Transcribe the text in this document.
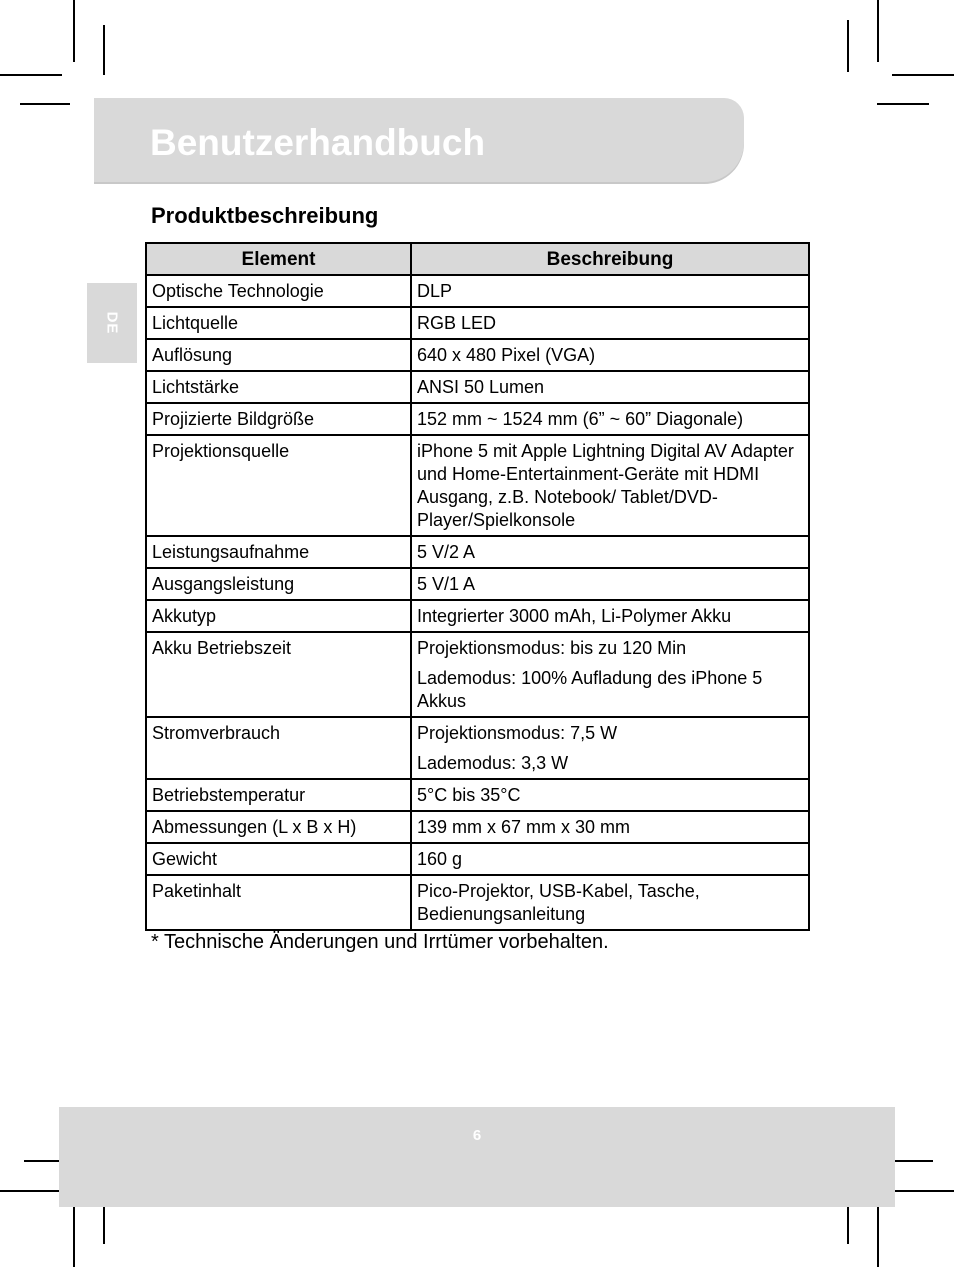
Benutzerhandbuch
DE
Produktbeschreibung
Element	Beschreibung
Optische Technologie	DLP
Lichtquelle	RGB LED
Auflösung	640 x 480 Pixel (VGA)
Lichtstärke	ANSI 50 Lumen
Projizierte Bildgröße	152 mm ~ 1524 mm (6” ~ 60” Diagonale)
Projektionsquelle	iPhone 5 mit Apple Lightning Digital AV Adapter und Home-Entertainment-Geräte mit HDMI Ausgang, z.B. Notebook/ Tablet/DVD-Player/Spielkonsole
Leistungsaufnahme	5 V/2 A
Ausgangsleistung	5 V/1 A
Akkutyp	Integrierter 3000 mAh, Li-Polymer Akku
Akku Betriebszeit	Projektionsmodus: bis zu 120 Min
Lademodus: 100% Aufladung des iPhone 5 Akkus

Stromverbrauch	Projektionsmodus: 7,5 W
Lademodus: 3,3 W

Betriebstemperatur	5°C bis 35°C
Abmessungen (L x B x H)	139 mm x 67 mm x 30 mm
Gewicht	160 g
Paketinhalt	Pico-Projektor, USB-Kabel, Tasche, Bedienungsanleitung
* Technische Änderungen und Irrtümer vorbehalten.
6
